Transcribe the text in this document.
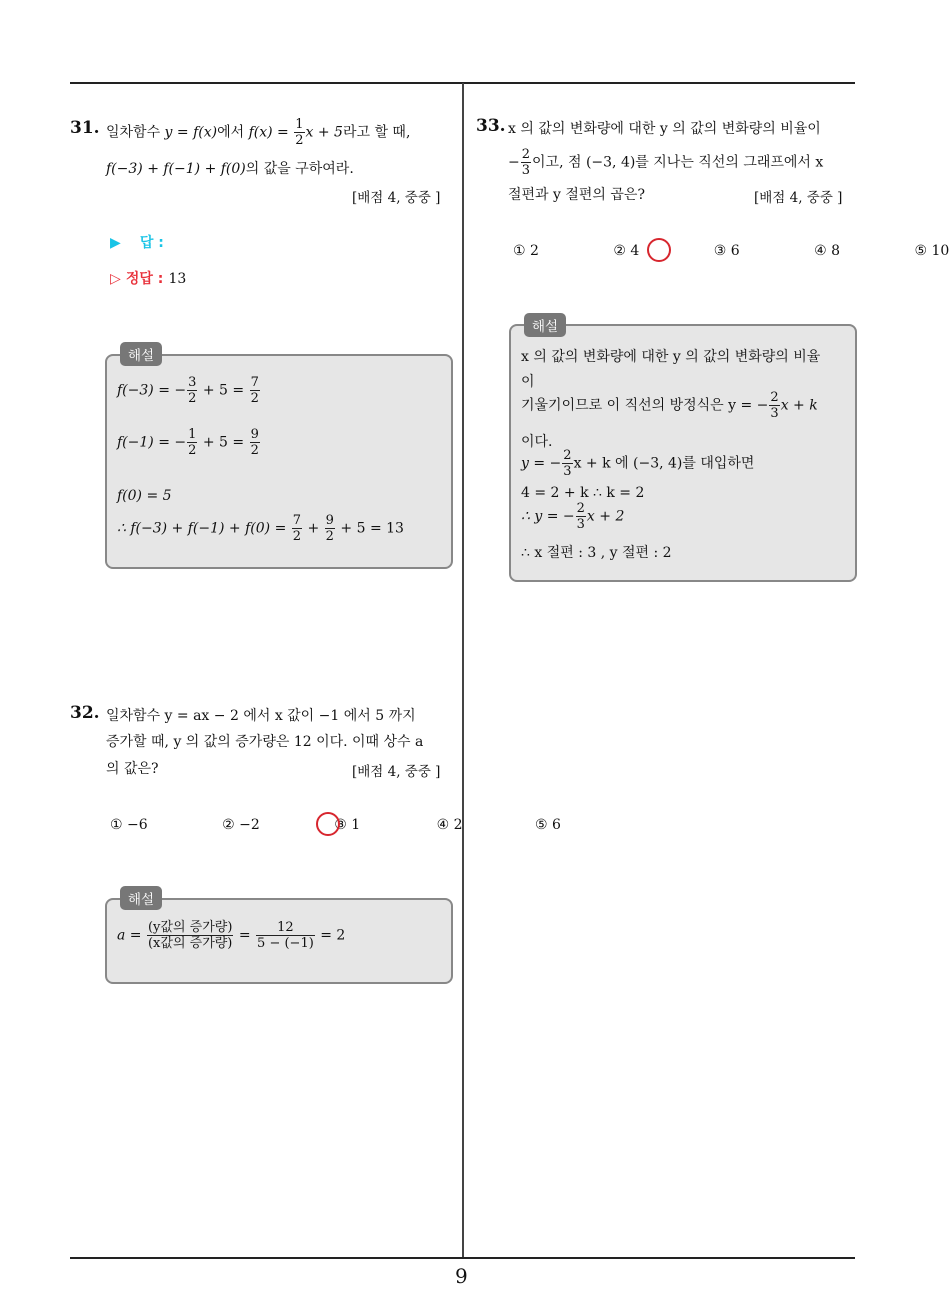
9
31. 일차함수 y = f(x)에서 $f(x) = \frac{1}{2}$ x + 5라고 할 때,
f(−3) + f(−1) + f(0)의 값을 구하여라.
[배점 4, 중중 ]
▶ 답 :
▷ 정답 : 13
해설
f(−3) = − $\frac{3}{2} + 5 = \frac{7}{2}$
f(−1) = − $\frac{1}{2} + 5 = \frac{9}{2}$
f(0) = 5
∴ $f(-3) + f(-1) + f(0) = \frac{7}{2} + \frac{9}{2} + 5 = 13$
32. 일차함수 y = ax − 2 에서 x 값이 −1 에서 5 까지
증가할 때, y 의 값의 증가량은 12 이다. 이때 상수 a
의 값은?	[배점 4, 중중 ]
① −6	② −2	③ 1	④ 2	⑤ 6
해설
$a = \frac{\text{(y값의 증가량)}}{\text{(x값의 증가량)}} = \frac{12}{5 - (-1)} = 2$
33. x 의 값의 변화량에 대한 y 의 값의 변화량의 비율이
− $\frac{2}{3}$ 이고, 점 (−3, 4)를 지나는 직선의 그래프에서 x
절편과 y 절편의 곱은?	[배점 4, 중중 ]
① 2	② 4	③ 6	④ 8	⑤ 10
해설
x 의 값의 변화량에 대한 y 의 값의 변화량의 비율
이
기울기이므로 이 직선의 방정식은 y = − $\frac{2}{3}$ x + k
이다.
y = − $\frac{2}{3}$ x + k 에 (−3, 4)를 대입하면
4 = 2 + k ∴ k = 2
∴ y = − $\frac{2}{3}$ x + 2
∴ x 절편 : 3 , y 절편 : 2
